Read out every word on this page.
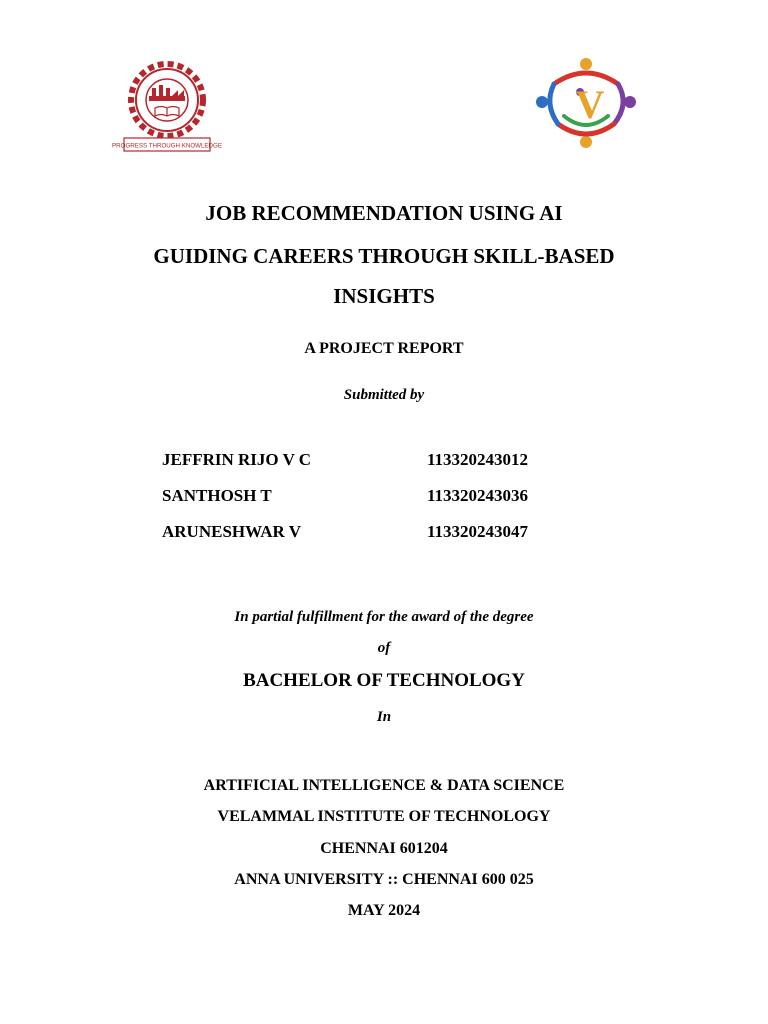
PROGRESS THROUGH KNOWLEDGE
V
JOB RECOMMENDATION USING AI
GUIDING CAREERS THROUGH SKILL-BASED
INSIGHTS
A PROJECT REPORT
Submitted by
JEFFRIN RIJO V C	113320243012
SANTHOSH T	113320243036
ARUNESHWAR V	113320243047
In partial fulfillment for the award of the degree
of
BACHELOR OF TECHNOLOGY
In
ARTIFICIAL INTELLIGENCE & DATA SCIENCE
VELAMMAL INSTITUTE OF TECHNOLOGY
CHENNAI 601204
ANNA UNIVERSITY :: CHENNAI 600 025
MAY 2024
